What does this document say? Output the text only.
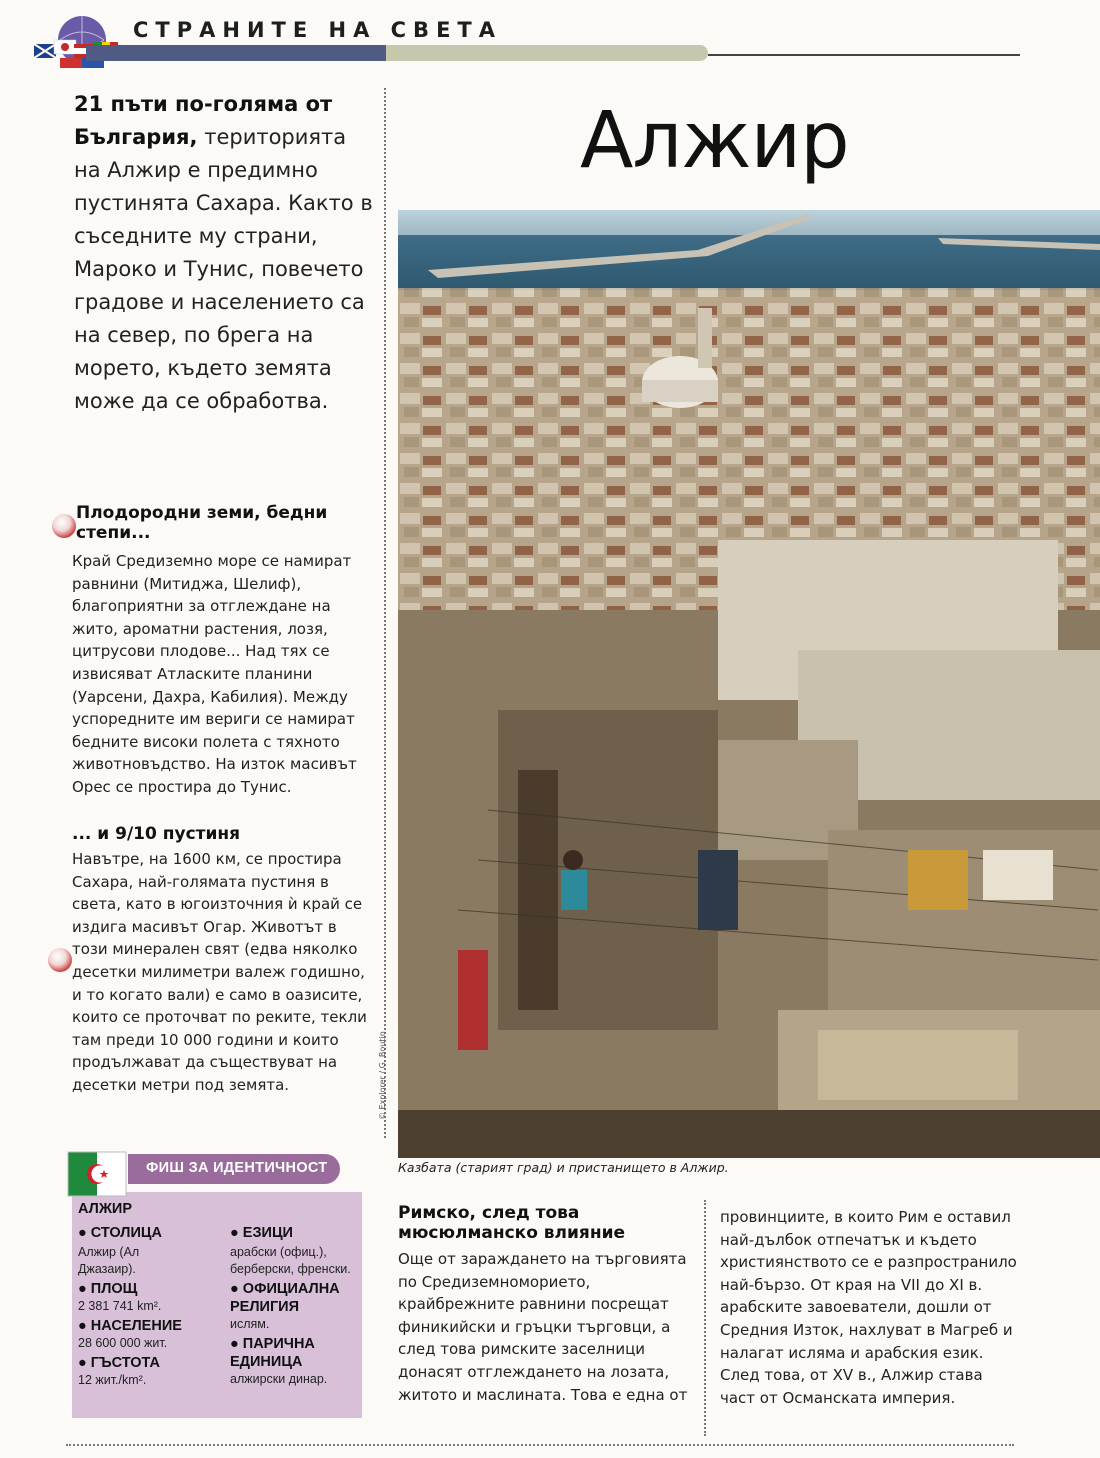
СТРАНИТЕ НА СВЕТА
21 пъти по-голяма от България, територията на Алжир е предимно пустинята Сахара. Както в съседните му страни, Мароко и Тунис, повечето градове и населението са на север, по брега на морето, където земята може да се обработва.
Плодородни земи, бедни степи...
Край Средиземно море се намират равнини (Митиджа, Шелиф), благоприятни за отглеждане на жито, ароматни растения, лозя, цитрусови плодове... Над тях се извисяват Атласките планини (Уарсени, Дахра, Кабилия). Между успоредните им вериги се намират бедните високи полета с тяхното животновъдство. На изток масивът Орес се простира до Тунис.
... и 9/10 пустиня
Навътре, на 1600 км, се простира Сахара, най-голямата пустиня в света, като в югоизточния ѝ край се издига масивът Огар. Животът в този минерален свят (едва няколко десетки милиметри валеж годишно, и то когато вали) е само в оазисите, които се проточват по реките, текли там преди 10 000 години и които продължават да съществуват на десетки метри под земята.
Алжир
© Explorer / G. Boutin
Казбата (старият град) и пристанището в Алжир.
Римско, след това мюсюлманско влияние
Още от зараждането на търговията по Средиземноморието, крайбрежните равнини посрещат финикийски и гръцки търговци, а след това римските заселници донасят отглеждането на лозата, житото и маслината. Това е една от
провинциите, в които Рим е оставил най-дълбок отпечатък и където християнството се е разпространило най-бързо. От края на VII до XI в. арабските завоеватели, дошли от Средния Изток, нахлуват в Магреб и налагат исляма и арабския език. След това, от XV в., Алжир става част от Османската империя.
ФИШ ЗА ИДЕНТИЧНОСТ
АЛЖИР
● СТОЛИЦА
Алжир (Ал Джазаир).
● ПЛОЩ
2 381 741 km².
● НАСЕЛЕНИЕ
28 600 000 жит.
● ГЪСТОТА
12 жит./km².
● ЕЗИЦИ
арабски (офиц.), берберски, френски.
● ОФИЦИАЛНА РЕЛИГИЯ
ислям.
● ПАРИЧНА ЕДИНИЦА
алжирски динар.
